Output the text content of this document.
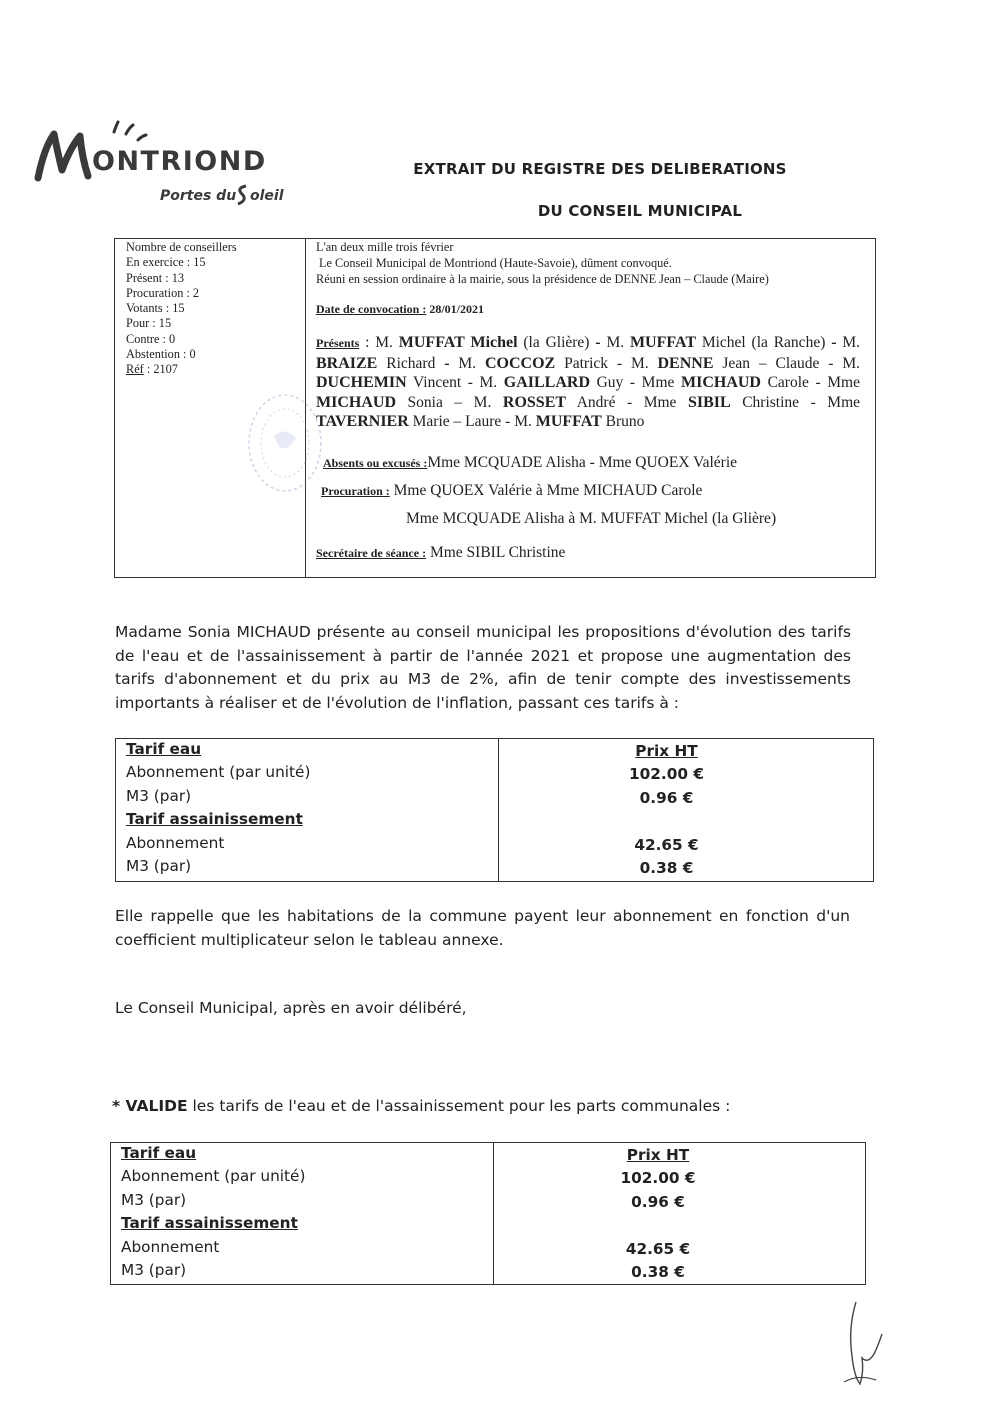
ONTRIOND
Portes du oleil
EXTRAIT DU REGISTRE DES DELIBERATIONS
DU CONSEIL MUNICIPAL
Nombre de conseillers
En exercice : 15
Présent : 13
Procuration : 2
Votants : 15
Pour : 15
Contre : 0
Abstention : 0
Réf : 2107
L'an deux mille trois février
Le Conseil Municipal de Montriond (Haute-Savoie), dûment convoqué.
Réuni en session ordinaire à la mairie, sous la présidence de DENNE Jean – Claude (Maire)
Date de convocation : 28/01/2021
Présents : M. MUFFAT Michel (la Glière) - M. MUFFAT Michel (la Ranche) - M. BRAIZE Richard - M. COCCOZ Patrick - M. DENNE Jean – Claude - M. DUCHEMIN Vincent - M. GAILLARD Guy - Mme MICHAUD Carole - Mme MICHAUD Sonia – M. ROSSET André - Mme SIBIL Christine - Mme TAVERNIER Marie – Laure - M. MUFFAT Bruno
Absents ou excusés :Mme MCQUADE Alisha - Mme QUOEX Valérie
Procuration : Mme QUOEX Valérie à Mme MICHAUD Carole
Mme MCQUADE Alisha à M. MUFFAT Michel (la Glière)
Secrétaire de séance : Mme SIBIL Christine
Madame Sonia MICHAUD présente au conseil municipal les propositions d'évolution des tarifs de l'eau et de l'assainissement à partir de l'année 2021 et propose une augmentation des tarifs d'abonnement et du prix au M3 de 2%, afin de tenir compte des investissements importants à réaliser et de l'évolution de l'inflation, passant ces tarifs à :
Tarif eau
Abonnement (par unité)
M3 (par)
Tarif assainissement
Abonnement
M3 (par)
Prix HT
102.00 €
0.96 €
42.65 €
0.38 €
Elle rappelle que les habitations de la commune payent leur abonnement en fonction d'un coefficient multiplicateur selon le tableau annexe.
Le Conseil Municipal, après en avoir délibéré,
* VALIDE les tarifs de l'eau et de l'assainissement pour les parts communales :
Tarif eau
Abonnement (par unité)
M3 (par)
Tarif assainissement
Abonnement
M3 (par)
Prix HT
102.00 €
0.96 €
42.65 €
0.38 €
